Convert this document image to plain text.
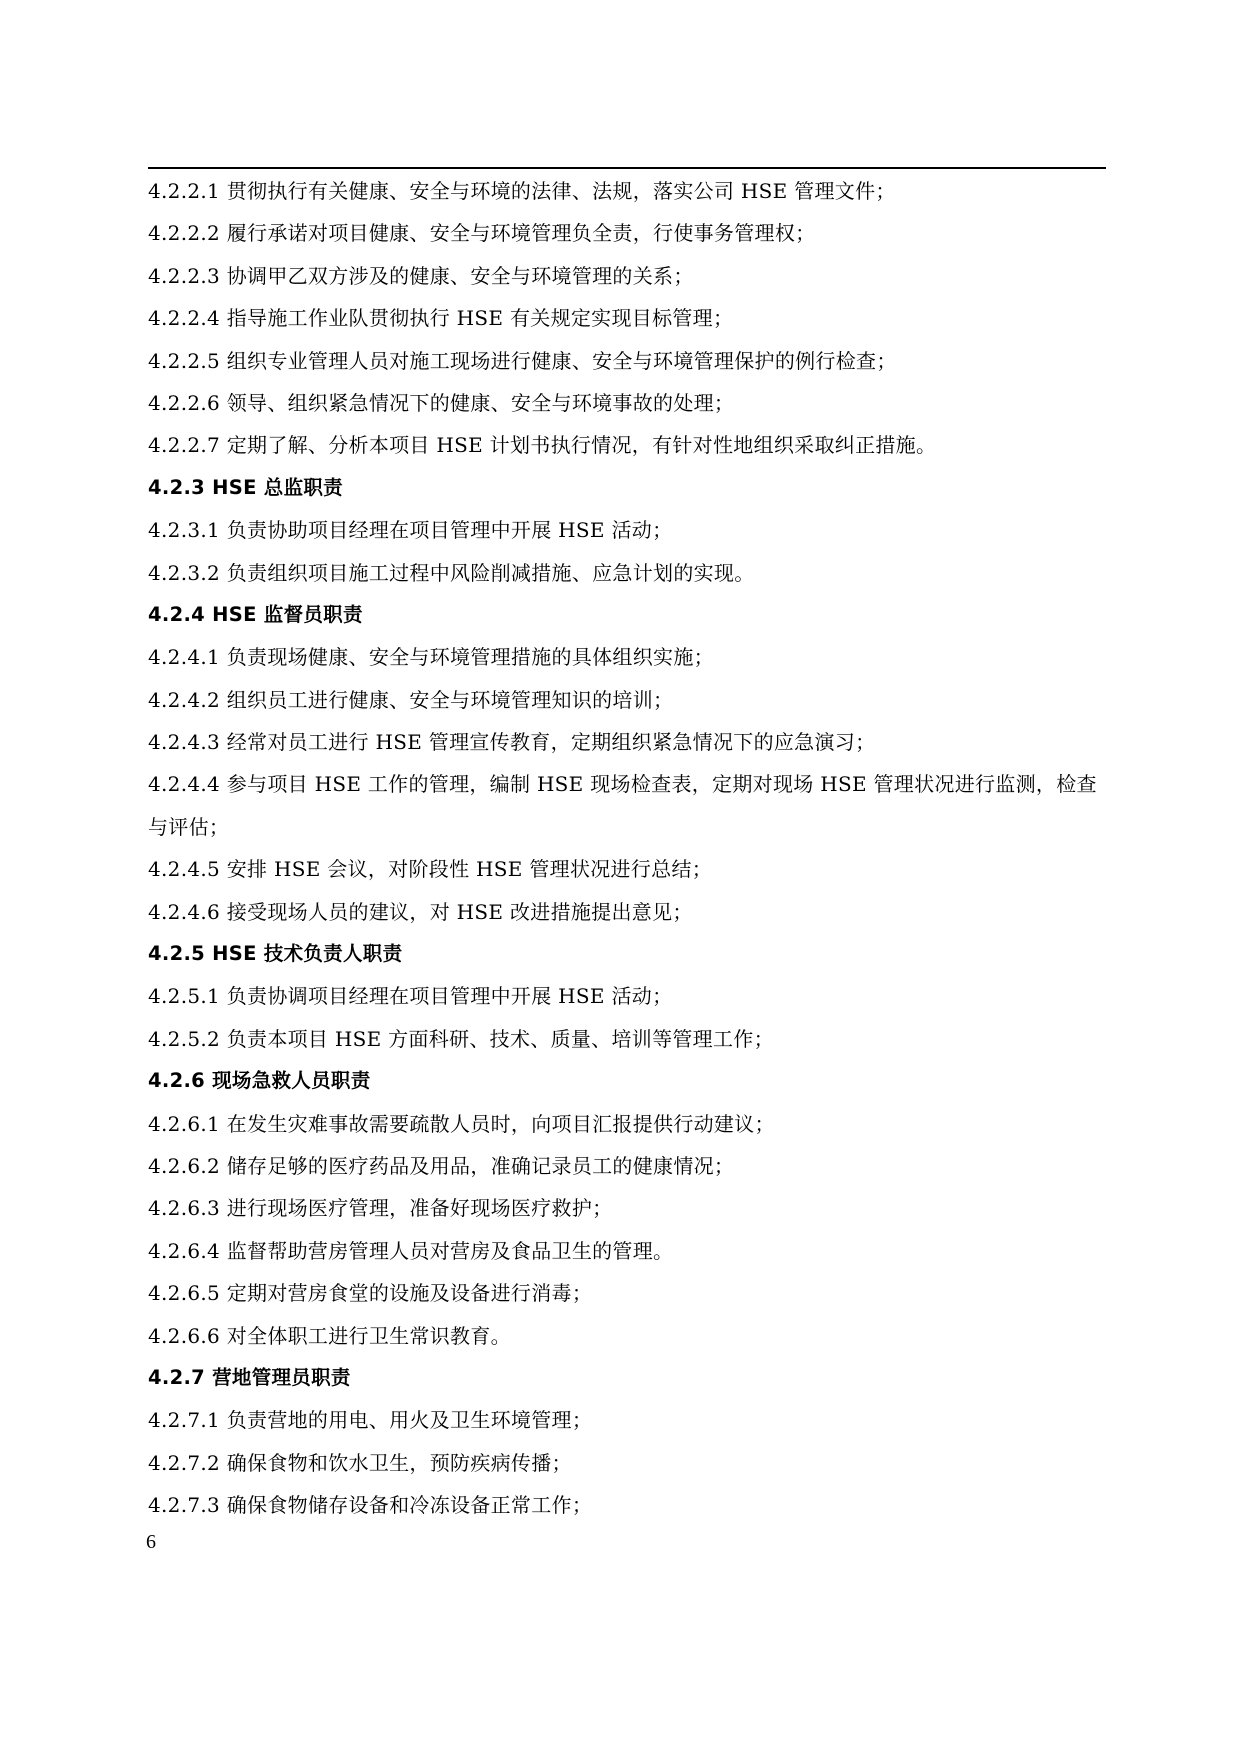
4.2.2.1 贯彻执行有关健康、安全与环境的法律、法规，落实公司 HSE 管理文件；
4.2.2.2 履行承诺对项目健康、安全与环境管理负全责，行使事务管理权；
4.2.2.3 协调甲乙双方涉及的健康、安全与环境管理的关系；
4.2.2.4 指导施工作业队贯彻执行 HSE 有关规定实现目标管理；
4.2.2.5 组织专业管理人员对施工现场进行健康、安全与环境管理保护的例行检查；
4.2.2.6 领导、组织紧急情况下的健康、安全与环境事故的处理；
4.2.2.7 定期了解、分析本项目 HSE 计划书执行情况，有针对性地组织采取纠正措施。
4.2.3 HSE 总监职责
4.2.3.1 负责协助项目经理在项目管理中开展 HSE 活动；
4.2.3.2 负责组织项目施工过程中风险削减措施、应急计划的实现。
4.2.4 HSE 监督员职责
4.2.4.1 负责现场健康、安全与环境管理措施的具体组织实施；
4.2.4.2 组织员工进行健康、安全与环境管理知识的培训；
4.2.4.3 经常对员工进行 HSE 管理宣传教育，定期组织紧急情况下的应急演习；
4.2.4.4 参与项目 HSE 工作的管理，编制 HSE 现场检查表，定期对现场 HSE 管理状况进行监测，检查
与评估；
4.2.4.5 安排 HSE 会议，对阶段性 HSE 管理状况进行总结；
4.2.4.6 接受现场人员的建议，对 HSE 改进措施提出意见；
4.2.5 HSE 技术负责人职责
4.2.5.1 负责协调项目经理在项目管理中开展 HSE 活动；
4.2.5.2 负责本项目 HSE 方面科研、技术、质量、培训等管理工作；
4.2.6 现场急救人员职责
4.2.6.1 在发生灾难事故需要疏散人员时，向项目汇报提供行动建议；
4.2.6.2 储存足够的医疗药品及用品，准确记录员工的健康情况；
4.2.6.3 进行现场医疗管理，准备好现场医疗救护；
4.2.6.4 监督帮助营房管理人员对营房及食品卫生的管理。
4.2.6.5 定期对营房食堂的设施及设备进行消毒；
4.2.6.6 对全体职工进行卫生常识教育。
4.2.7 营地管理员职责
4.2.7.1 负责营地的用电、用火及卫生环境管理；
4.2.7.2 确保食物和饮水卫生，预防疾病传播；
4.2.7.3 确保食物储存设备和冷冻设备正常工作；
6
